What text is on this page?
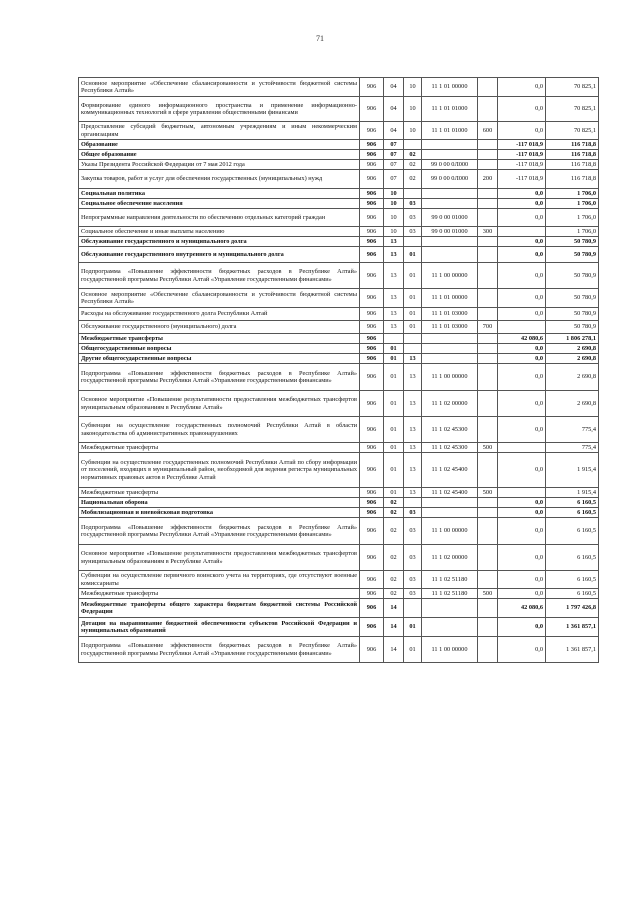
71
Основное мероприятие «Обеспечение сбалансированности и устойчивости бюджетной системы Республики Алтай»	906	04	10	11 1 01 00000		0,0	70 825,1
Формирование единого информационного пространства и применение информационно-коммуникационных технологий в сфере управления общественными финансами	906	04	10	11 1 01 01000		0,0	70 825,1
Предоставление субсидий бюджетным, автономным учреждениям и иным некоммерческим организациям	906	04	10	11 1 01 01000	600	0,0	70 825,1
Образование	906	07				-117 018,9	116 718,8
Общее образование	906	07	02			-117 018,9	116 718,8
Указы Президента Российской Федерации от 7 мая 2012 года	906	07	02	99 0 00 0Л000		-117 018,9	116 718,8
Закупка товаров, работ и услуг для обеспечения государственных (муниципальных) нужд	906	07	02	99 0 00 0Л000	200	-117 018,9	116 718,8
Социальная политика	906	10				0,0	1 706,0
Социальное обеспечение населения	906	10	03			0,0	1 706,0
Непрограммные направления деятельности по обеспечению отдельных категорий граждан	906	10	03	99 0 00 01000		0,0	1 706,0
Социальное обеспечение и иные выплаты населению	906	10	03	99 0 00 01000	300		1 706,0
Обслуживание государственного и муниципального долга	906	13				0,0	50 780,9
Обслуживание государственного внутреннего и муниципального долга	906	13	01			0,0	50 780,9
Подпрограмма «Повышение эффективности бюджетных расходов в Республике Алтай» государственной программы Республики Алтай «Управление государственными финансами»	906	13	01	11 1 00 00000		0,0	50 780,9
Основное мероприятие «Обеспечение сбалансированности и устойчивости бюджетной системы Республики Алтай»	906	13	01	11 1 01 00000		0,0	50 780,9
Расходы на обслуживание государственного долга Республики Алтай	906	13	01	11 1 01 03000		0,0	50 780,9
Обслуживание государственного (муниципального) долга	906	13	01	11 1 01 03000	700		50 780,9
Межбюджетные трансферты	906					42 080,6	1 806 278,1
Общегосударственные вопросы	906	01				0,0	2 690,8
Другие общегосударственные вопросы	906	01	13			0,0	2 690,8
Подпрограмма «Повышение эффективности бюджетных расходов в Республике Алтай» государственной программы Республики Алтай «Управление государственными финансами»	906	01	13	11 1 00 00000		0,0	2 690,8
Основное мероприятие «Повышение результативности предоставления межбюджетных трансфертов муниципальным образованиям в Республике Алтай»	906	01	13	11 1 02 00000		0,0	2 690,8
Субвенции на осуществление государственных полномочий Республики Алтай в области законодательства об административных правонарушениях	906	01	13	11 1 02 45300		0,0	775,4
Межбюджетные трансферты	906	01	13	11 1 02 45300	500		775,4
Субвенции на осуществление государственных полномочий Республики Алтай по сбору информации от поселений, входящих в муниципальный район, необходимой для ведения регистра муниципальных нормативных правовых актов в Республике Алтай	906	01	13	11 1 02 45400		0,0	1 915,4
Межбюджетные трансферты	906	01	13	11 1 02 45400	500		1 915,4
Национальная оборона	906	02				0,0	6 160,5
Мобилизационная и вневойсковая подготовка	906	02	03			0,0	6 160,5
Подпрограмма «Повышение эффективности бюджетных расходов в Республике Алтай» государственной программы Республики Алтай «Управление государственными финансами»	906	02	03	11 1 00 00000		0,0	6 160,5
Основное мероприятие «Повышение результативности предоставления межбюджетных трансфертов муниципальным образованиям в Республике Алтай»	906	02	03	11 1 02 00000		0,0	6 160,5
Субвенции на осуществление первичного воинского учета на территориях, где отсутствуют военные комиссариаты	906	02	03	11 1 02 51180		0,0	6 160,5
Межбюджетные трансферты	906	02	03	11 1 02 51180	500	0,0	6 160,5
Межбюджетные трансферты общего характера бюджетам бюджетной системы Российской Федерации	906	14				42 080,6	1 797 426,8
Дотации на выравнивание бюджетной обеспеченности субъектов Российской Федерации и муниципальных образований	906	14	01			0,0	1 361 857,1
Подпрограмма «Повышение эффективности бюджетных расходов в Республике Алтай» государственной программы Республики Алтай «Управление государственными финансами»	906	14	01	11 1 00 00000		0,0	1 361 857,1
